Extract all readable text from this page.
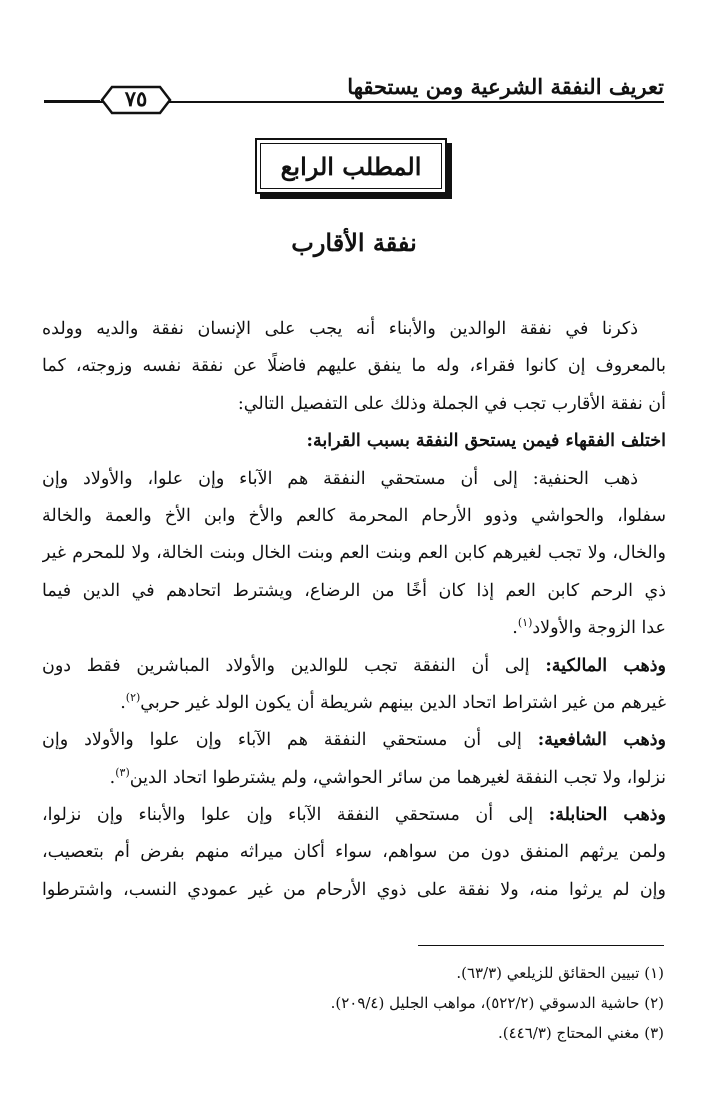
تعريف النفقة الشرعية ومن يستحقها
٧٥
المطلب الرابع
نفقة الأقارب
ذكرنا في نفقة الوالدين والأبناء أنه يجب على الإنسان نفقة والديه وولده
بالمعروف إن كانوا فقراء، وله ما ينفق عليهم فاضلًا عن نفقة نفسه وزوجته، كما
أن نفقة الأقارب تجب في الجملة وذلك على التفصيل التالي:
اختلف الفقهاء فيمن يستحق النفقة بسبب القرابة:
ذهب الحنفية: إلى أن مستحقي النفقة هم الآباء وإن علوا، والأولاد وإن
سفلوا، والحواشي وذوو الأرحام المحرمة كالعم والأخ وابن الأخ والعمة والخالة
والخال، ولا تجب لغيرهم كابن العم وبنت العم وبنت الخال وبنت الخالة، ولا للمحرم غير
ذي الرحم كابن العم إذا كان أخًا من الرضاع، ويشترط اتحادهم في الدين فيما
عدا الزوجة والأولاد$^{(١)}$.
وذهب المالكية: إلى أن النفقة تجب للوالدين والأولاد المباشرين فقط دون
غيرهم من غير اشتراط اتحاد الدين بينهم شريطة أن يكون الولد غير حربي$^{(٢)}$.
وذهب الشافعية: إلى أن مستحقي النفقة هم الآباء وإن علوا والأولاد وإن
نزلوا، ولا تجب النفقة لغيرهما من سائر الحواشي، ولم يشترطوا اتحاد الدين$^{(٣)}$.
وذهب الحنابلة: إلى أن مستحقي النفقة الآباء وإن علوا والأبناء وإن نزلوا،
ولمن يرثهم المنفق دون من سواهم، سواء أكان ميراثه منهم بفرض أم بتعصيب،
وإن لم يرثوا منه، ولا نفقة على ذوي الأرحام من غير عمودي النسب، واشترطوا
(١) تبيين الحقائق للزيلعي (٦٣/٣).
(٢) حاشية الدسوقي (٥٢٢/٢)، مواهب الجليل (٢٠٩/٤).
(٣) مغني المحتاج (٤٤٦/٣).
